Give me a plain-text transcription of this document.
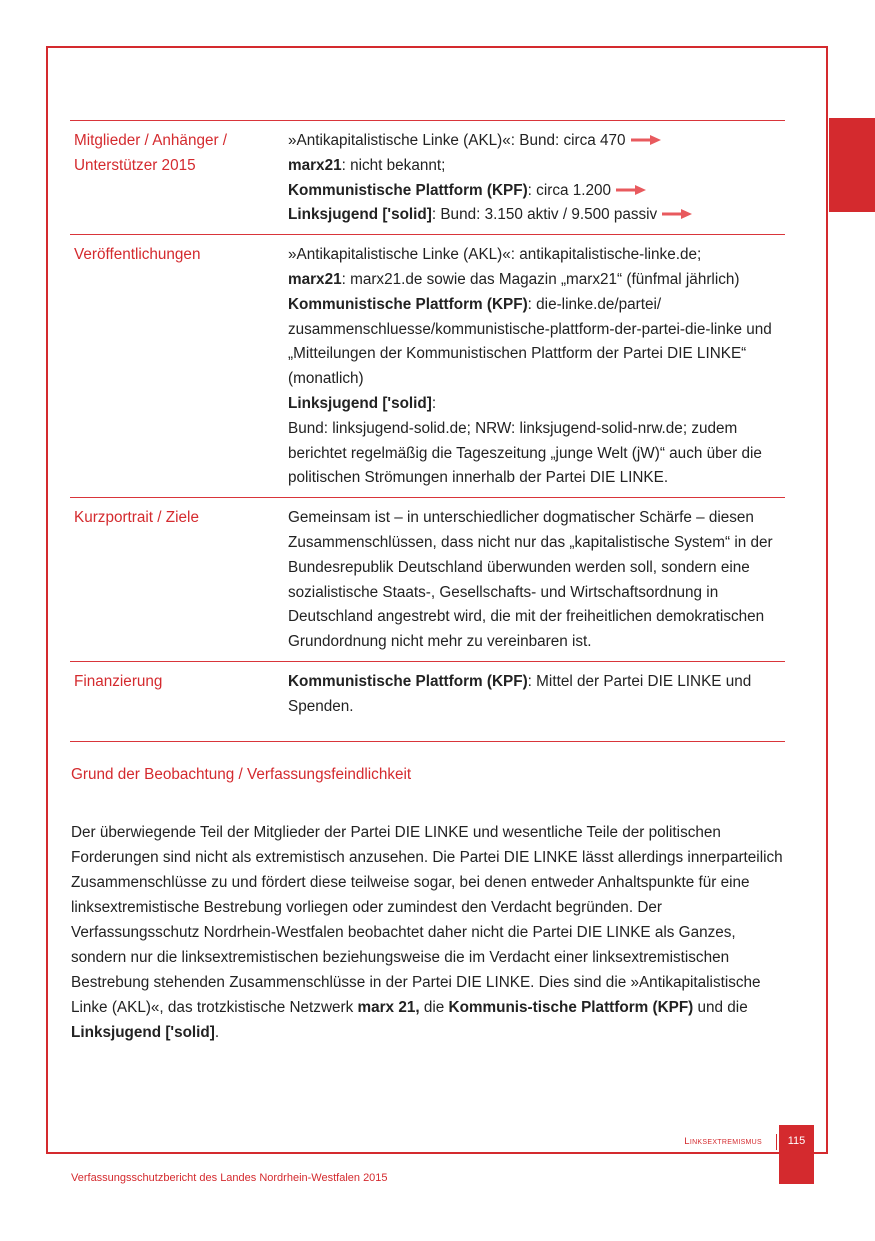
Mitglieder / Anhänger / Unterstützer 2015	»Antikapitalistische Linke (AKL)«: Bund: circa 470
marx21: nicht bekannt;
Kommunistische Plattform (KPF): circa 1.200
Linksjugend ['solid]: Bund: 3.150 aktiv / 9.500 passiv

Veröffentlichungen	»Antikapitalistische Linke (AKL)«: antikapitalistische-linke.de;
marx21: marx21.de sowie das Magazin „marx21“ (fünfmal jährlich)
Kommunistische Plattform (KPF): die-linke.de/partei/ zusammenschluesse/kommunistische-plattform-der-partei-die-linke und „Mitteilungen der Kommunistischen Plattform der Partei DIE LINKE“ (monatlich)
Linksjugend ['solid]:
Bund: linksjugend-solid.de; NRW: linksjugend-solid-nrw.de; zudem berichtet regelmäßig die Tageszeitung „junge Welt (jW)“ auch über die politischen Strömungen innerhalb der Partei DIE LINKE.

Kurzportrait / Ziele	Gemeinsam ist – in unterschiedlicher dogmatischer Schärfe – diesen Zusammenschlüssen, dass nicht nur das „kapitalistische System“ in der Bundesrepublik Deutschland überwunden werden soll, sondern eine sozialistische Staats-, Gesellschafts- und Wirtschaftsordnung in Deutschland angestrebt wird, die mit der freiheitlichen demokratischen Grundordnung nicht mehr zu vereinbaren ist.
Finanzierung	Kommunistische Plattform (KPF): Mittel der Partei DIE LINKE und Spenden.
Grund der Beobachtung / Verfassungsfeindlichkeit
Der überwiegende Teil der Mitglieder der Partei DIE LINKE und wesentliche Teile der politischen Forderungen sind nicht als extremistisch anzusehen. Die Partei DIE LINKE lässt allerdings innerparteilich Zusammenschlüsse zu und fördert diese teilweise sogar, bei denen entweder Anhaltspunkte für eine linksextremistische Bestrebung vorliegen oder zumindest den Verdacht begründen. Der Verfassungsschutz Nordrhein-Westfalen beobachtet daher nicht die Partei DIE LINKE als Ganzes, sondern nur die linksextremistischen beziehungsweise die im Verdacht einer linksextremistischen Bestrebung stehenden Zusammenschlüsse in der Partei DIE LINKE. Dies sind die »Antikapitalistische Linke (AKL)«, das trotzkistische Netzwerk marx 21, die Kommunis-tische Plattform (KPF) und die Linksjugend ['solid].
Linksextremismus	115
Verfassungsschutzbericht des Landes Nordrhein-Westfalen 2015
